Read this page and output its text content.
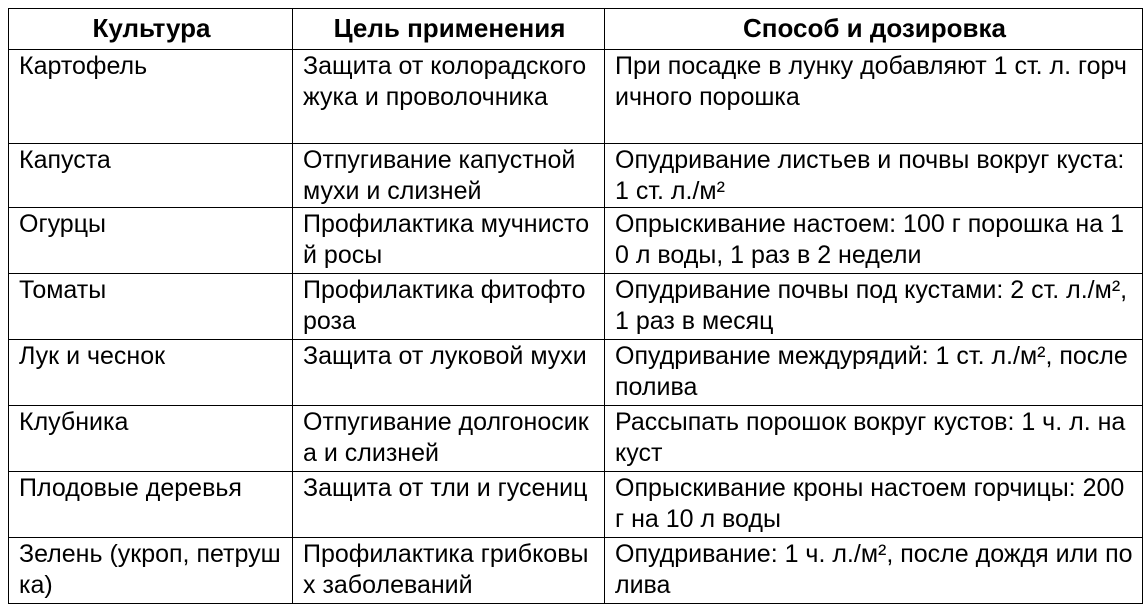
Культура	Цель применения	Способ и дозировка
Картофель	Защита от колорадского жука и проволочника	При посадке в лунку добавляют 1 ст. л. горчичного порошка
Капуста	Отпугивание капустной мухи и слизней	Опудривание листьев и почвы вокруг куста: 1 ст. л./м²
Огурцы	Профилактика мучнистой росы	Опрыскивание настоем: 100 г порошка на 10 л воды, 1 раз в 2 недели
Томаты	Профилактика фитофтороза	Опудривание почвы под кустами: 2 ст. л./м², 1 раз в месяц
Лук и чеснок	Защита от луковой мухи	Опудривание междурядий: 1 ст. л./м², после полива
Клубника	Отпугивание долгоносика и слизней	Рассыпать порошок вокруг кустов: 1 ч. л. на куст
Плодовые деревья	Защита от тли и гусениц	Опрыскивание кроны настоем горчицы: 200 г на 10 л воды
Зелень (укроп, петрушка)	Профилактика грибковых заболеваний	Опудривание: 1 ч. л./м², после дождя или полива
